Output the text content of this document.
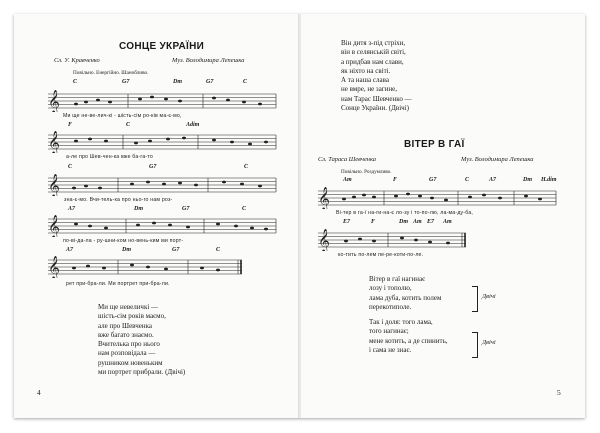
СОНЦЕ УКРАЇНИ
Сл. У. Кравченко	Муз. Володимира Лепешка
Повільно. Енергійно. Шанобливо.
C	G7	Dm	G7	C
𝄞
Ми ще не-ве-лич-кі - шість-сім ро-ків ма-є-мо,
F	C	Adim
𝄞
а-ле про Шев-чен-ка вже ба-га-то
C	G7	C
𝄞
зна-є-мо. Вчи-тель-ка про ньо-го нам роз-
A7	Dm	G7	C
𝄞
по-ві-да-ла - ру-шни-ком но-вень-ким ми порт-
A7	Dm	G7	C
𝄞
рет при-бра-ли. Ми портрет при-бра-ли.
Ми ще невеличкі —
шість-сім років маємо,
але про Шевченка
вже багато знаємо.
Вчителька про нього
нам розповідала —
рушником новеньким
ми портрет прибрали. (Двічі)
4
Він дитя з-під стріхи,
він в селянській світі,
а придбав нам слави,
як ніхто на світі.
А та наша слава
не вмре, не загине,
нам Тарас Шевченко —
Сонце України. (Двічі)
ВІТЕР В ГАЇ
Сл. Тараса Шевченка	Муз. Володимира Лепешка
Повільно. Роздумливо.
Am	F	G7	C	A7	Dm H.dim
𝄞
Ві-тер в га-ї на-ги-на-є ло-зу і то-по-лю, ла-ма-ду-ба,
E7	F	Dm Am E7 Am
𝄞
ко-тить по-лем пе-ре-коти-по-ле.
Вітер в гаї нагинає
лозу і тополю,
лама дуба, котить полем
перекотиполе.
Двічі
Так і доля: того лама,
того нагинає;
мене котить, а де спинить,
і сама не знає.
Двічі
5
